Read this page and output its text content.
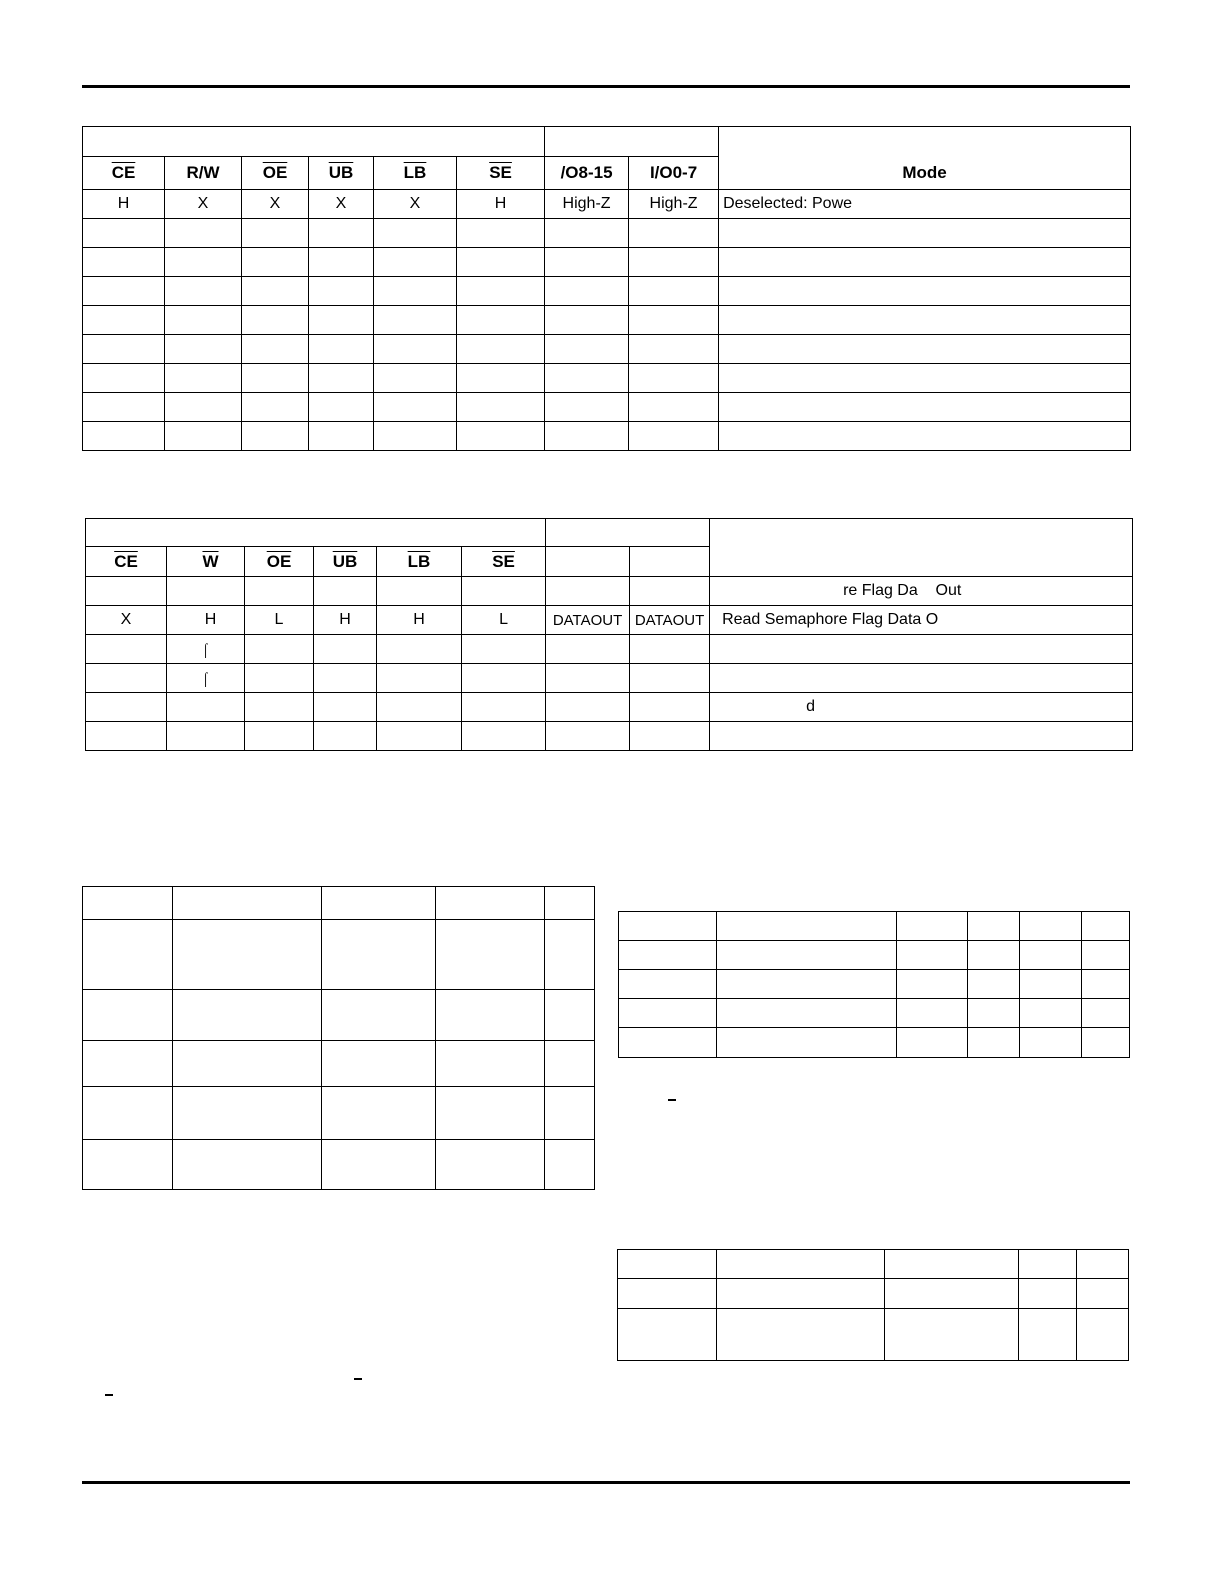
								Mode
$\overline{CE}$	R/W	$\overline{OE}$	$\overline{UB}$	$\overline{LB}$	$\overline{SE}$	/O8-15	I/O0-7	
H	X	X	X	X	H	High-Z	High-Z	Deselected: Powe

$\overline{CE}$	$\overline{W}$	$\overline{OE}$	$\overline{UB}$	$\overline{LB}$	$\overline{SE}$		
								re Flag Da    Out
X	H	L	H	H	L	DATAOUT	DATAOUT	Read Semaphore Flag Data O
	⌠							
	⌠							
								d
